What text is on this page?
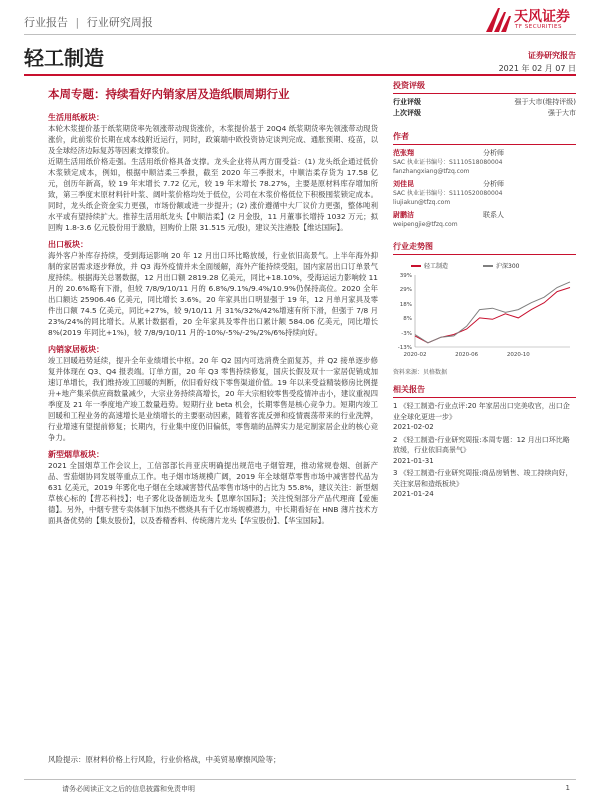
行业报告 | 行业研究周报	天风证券
TF SECURITIES
轻工制造	证券研究报告
2021 年 02 月 07 日
本周专题：持续看好内销家居及造纸顺周期行业
生活用纸板块：
本轮木浆提价基于纸浆期货率先领涨带动现货涨价，木浆提价基于 20Q4 纸浆期货率先领涨带动现货涨价，此前浆价长期在成本线附近运行，同时，政策端中欧投资协定谈判完成、通胀预期、疫苗，以及全球经济边际复苏等因素支撑浆价。
近期生活用纸价格走强。生活用纸价格具备支撑。龙头企业将从两方面受益：(1) 龙头纸企通过低价木浆锁定成本，例如，根据中顺洁柔三季报，截至 2020 年三季报末，中顺洁柔存货为 17.58 亿元，创历年新高，较 19 年末增长 7.72 亿元，较 19 年末增长 78.27%，主要是原材料库存增加所致，第三季度末原材料针叶浆、阔叶浆价格均处于低位，公司在木浆价格低位下积极囤浆锁定成本。同时，龙头纸企资金实力更强，市场份额或进一步提升；(2) 涨价遵循中大厂议价力更强，整体吨利水平或有望持续扩大。推荐生活用纸龙头【中顺洁柔】(2 月金股，11 月董事长增持 1032 万元；拟回购 1.8-3.6 亿元股份用于激励，回购价上限 31.515 元/股)，建议关注港股【维达国际】。
出口板块：
海外客户补库存持续，受到海运影响 20 年 12 月出口环比略放缓，行业依旧高景气。上半年海外抑制的家居需求逐步释放，并 Q3 海外疫情并未全面缓解，海外产能持续受阻，国内家居出口订单景气度持续。根据海关总署数据，12 月出口额 2819.28 亿美元，同比+18.10%，受海运运力影响较 11 月的 20.6%略有下滑，但较 7/8/9/10/11 月的 6.8%/9.1%/9.4%/10.9%仍保持高位。2020 全年出口额达 25906.46 亿美元，同比增长 3.6%。20 年家具出口明显强于 19 年，12 月单月家具及零件出口额 74.5 亿美元，同比+27%，较 9/10/11 月 31%/32%/42%增速有所下滑，但强于 7/8 月 23%/24%的同比增长。从累计数据看，20 全年家具及零件出口累计额 584.06 亿美元，同比增长 8%(2019 年同比+1%)，较 7/8/9/10/11 月的-10%/-5%/-2%/2%/6%持续向好。
内销家居板块：
竣工回暖趋势延续，提升全年业绩增长中枢。20 年 Q2 国内可选消费全面复苏，并 Q2 接单逐步修复并体现在 Q3、Q4 报表端。订单方面，20 年 Q3 零售持续修复，国庆长假及双十一家居促销成加速订单增长，我们维持竣工回暖的判断，依旧看好线下零售渠道价值。19 年以来受益精装修房比例提升+地产集采供应商数量减少，大宗业务持续高增长，20 年大宗相较零售受疫情冲击小，建议重视四季度及 21 年一季度地产竣工数量趋势。短期行业 beta 机会，长期零售是核心竞争力。短期内竣工回暖和工程业务的高速增长是业绩增长的主要驱动因素，随着客流反弹和疫情震荡带来的行业洗牌，行业增速有望提前修复；长期内，行业集中度仍旧偏低，零售端的品牌实力是定制家居企业的核心竞争力。
新型烟草板块：
2021 全国烟草工作会议上，工信部部长肖亚庆明确提出规范电子烟管理，推动常规卷烟、创新产品、雪茄烟协同发展等重点工作。电子烟市场规模广阔，2019 年全球烟草零售市场中减害替代品为 631 亿美元，2019 年雾化电子烟在全球减害替代品零售市场中的占比为 55.8%，建议关注：新型烟草核心标的【营芯科技】；电子雾化设备制造龙头【思摩尔国际】；关注悦刻部分产品代理商【爱施德】。另外，中烟专营专卖体制下加热不燃烧具有千亿市场规模潜力，中长期看好在 HNB 薄片技术方面具备优势的【集友股份】，以及香精香料、传统薄片龙头【华宝股份】、【华宝国际】。
投资评级
行业评级	强于大市(维持评级)
上次评级	强于大市
作者
范张翔	分析师
SAC 执业证书编号：S1110518080004
fanzhangxiang@tfzq.com
刘佳昆	分析师
SAC 执业证书编号：S1110520080004
liujiakun@tfzq.com
尉鹏洁	联系人
weipengjie@tfzq.com
行业走势图
轻工制造	沪深300
-13%
-3%
8%
18%
29%
39%
2020-02	2020-06	2020-10
资料来源：贝格数据
相关报告
1 《轻工制造-行业点评:20 年家居出口完美收官，出口企业全球化更进一步》
2021-02-02
2 《轻工制造-行业研究周报:本周专题：12 月出口环比略放缓，行业依旧高景气》
2021-01-31
3 《轻工制造-行业研究周报:商品房销售、竣工持续向好，关注家居和造纸板块》
2021-01-24
风险提示：原材料价格上行风险，行业价格战，中美贸易摩擦风险等；
请务必阅读正文之后的信息披露和免责申明	1
